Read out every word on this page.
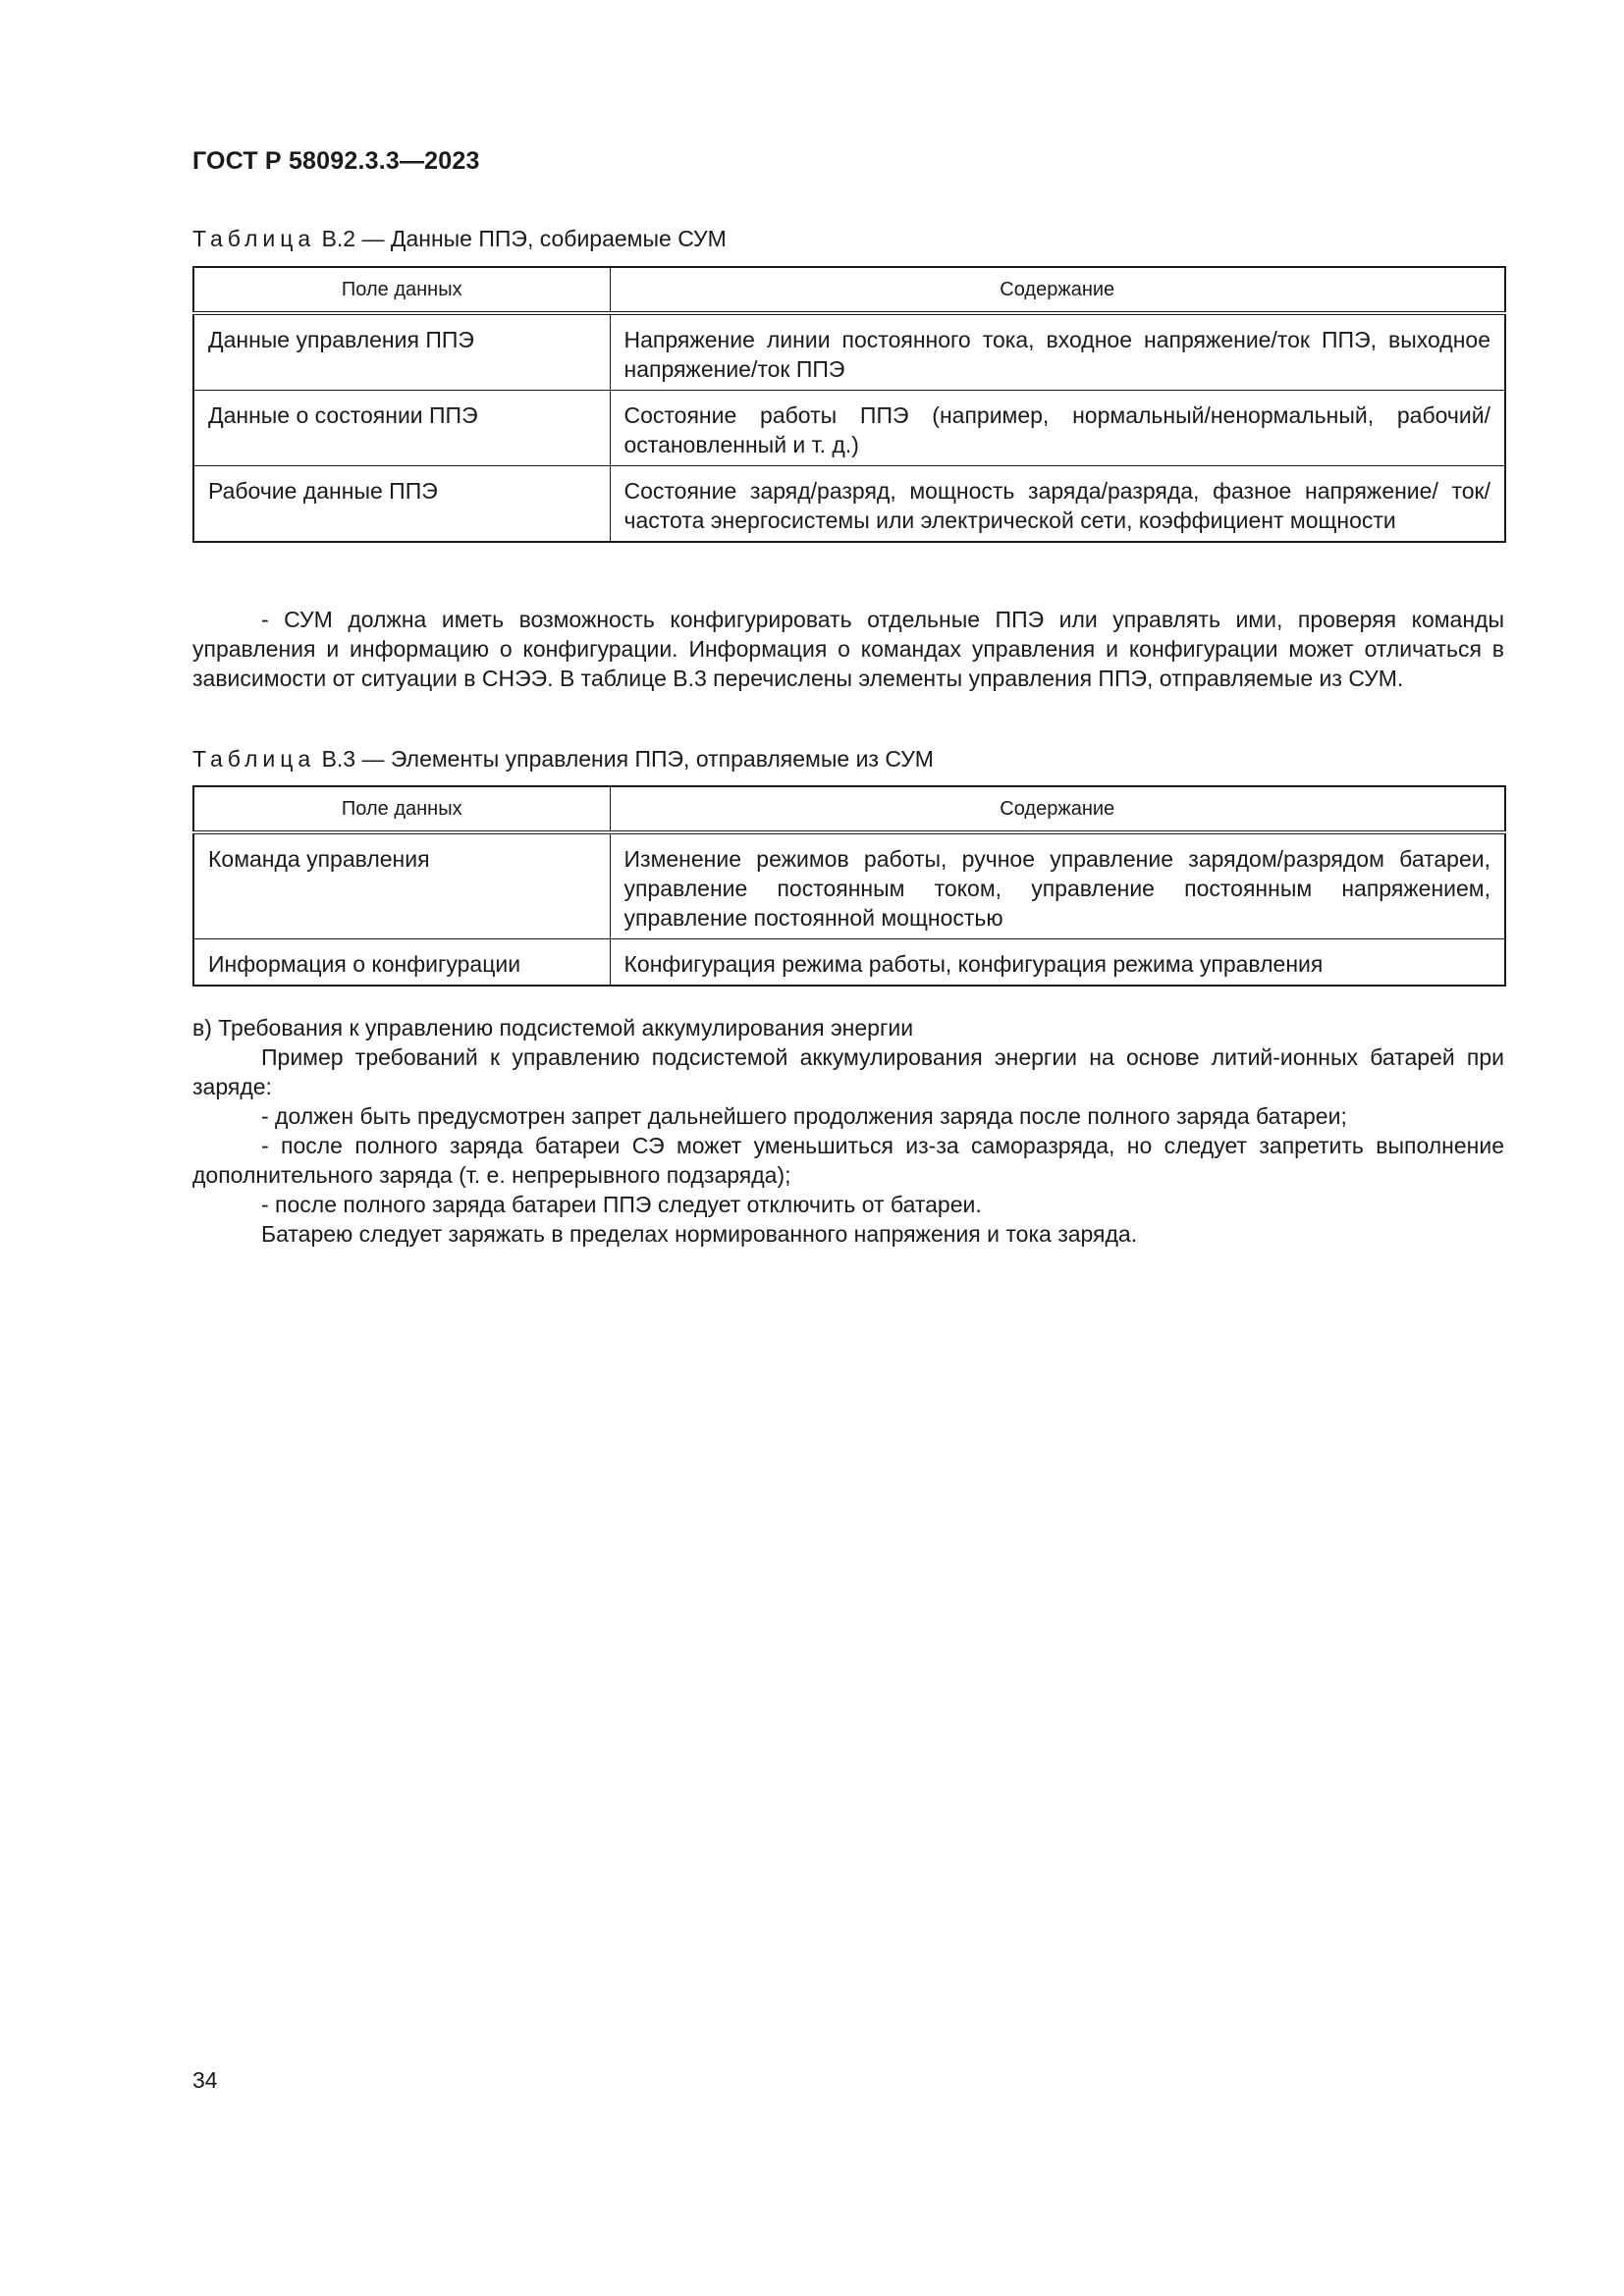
ГОСТ Р 58092.3.3—2023
Таблица В.2 — Данные ППЭ, собираемые СУМ
Поле данных	Содержание
Данные управления ППЭ	Напряжение линии постоянного тока, входное напряжение/ток ППЭ, выходное напряжение/ток ППЭ
Данные о состоянии ППЭ	Состояние работы ППЭ (например, нормальный/ненормальный, рабочий/ остановленный и т. д.)
Рабочие данные ППЭ	Состояние заряд/разряд, мощность заряда/разряда, фазное напряжение/ ток/частота энергосистемы или электрической сети, коэффициент мощности
- СУМ должна иметь возможность конфигурировать отдельные ППЭ или управлять ими, проверяя команды управления и информацию о конфигурации. Информация о командах управления и конфигурации может отличаться в зависимости от ситуации в СНЭЭ. В таблице В.3 перечислены элементы управления ППЭ, отправляемые из СУМ.
Таблица В.3 — Элементы управления ППЭ, отправляемые из СУМ
Поле данных	Содержание
Команда управления	Изменение режимов работы, ручное управление зарядом/разрядом батареи, управление постоянным током, управление постоянным напряжением, управление постоянной мощностью
Информация о конфигурации	Конфигурация режима работы, конфигурация режима управления
в) Требования к управлению подсистемой аккумулирования энергии
Пример требований к управлению подсистемой аккумулирования энергии на основе литий-ионных батарей при заряде:
- должен быть предусмотрен запрет дальнейшего продолжения заряда после полного заряда батареи;
- после полного заряда батареи СЭ может уменьшиться из-за саморазряда, но следует запретить выполнение дополнительного заряда (т. е. непрерывного подзаряда);
- после полного заряда батареи ППЭ следует отключить от батареи.
Батарею следует заряжать в пределах нормированного напряжения и тока заряда.
34
